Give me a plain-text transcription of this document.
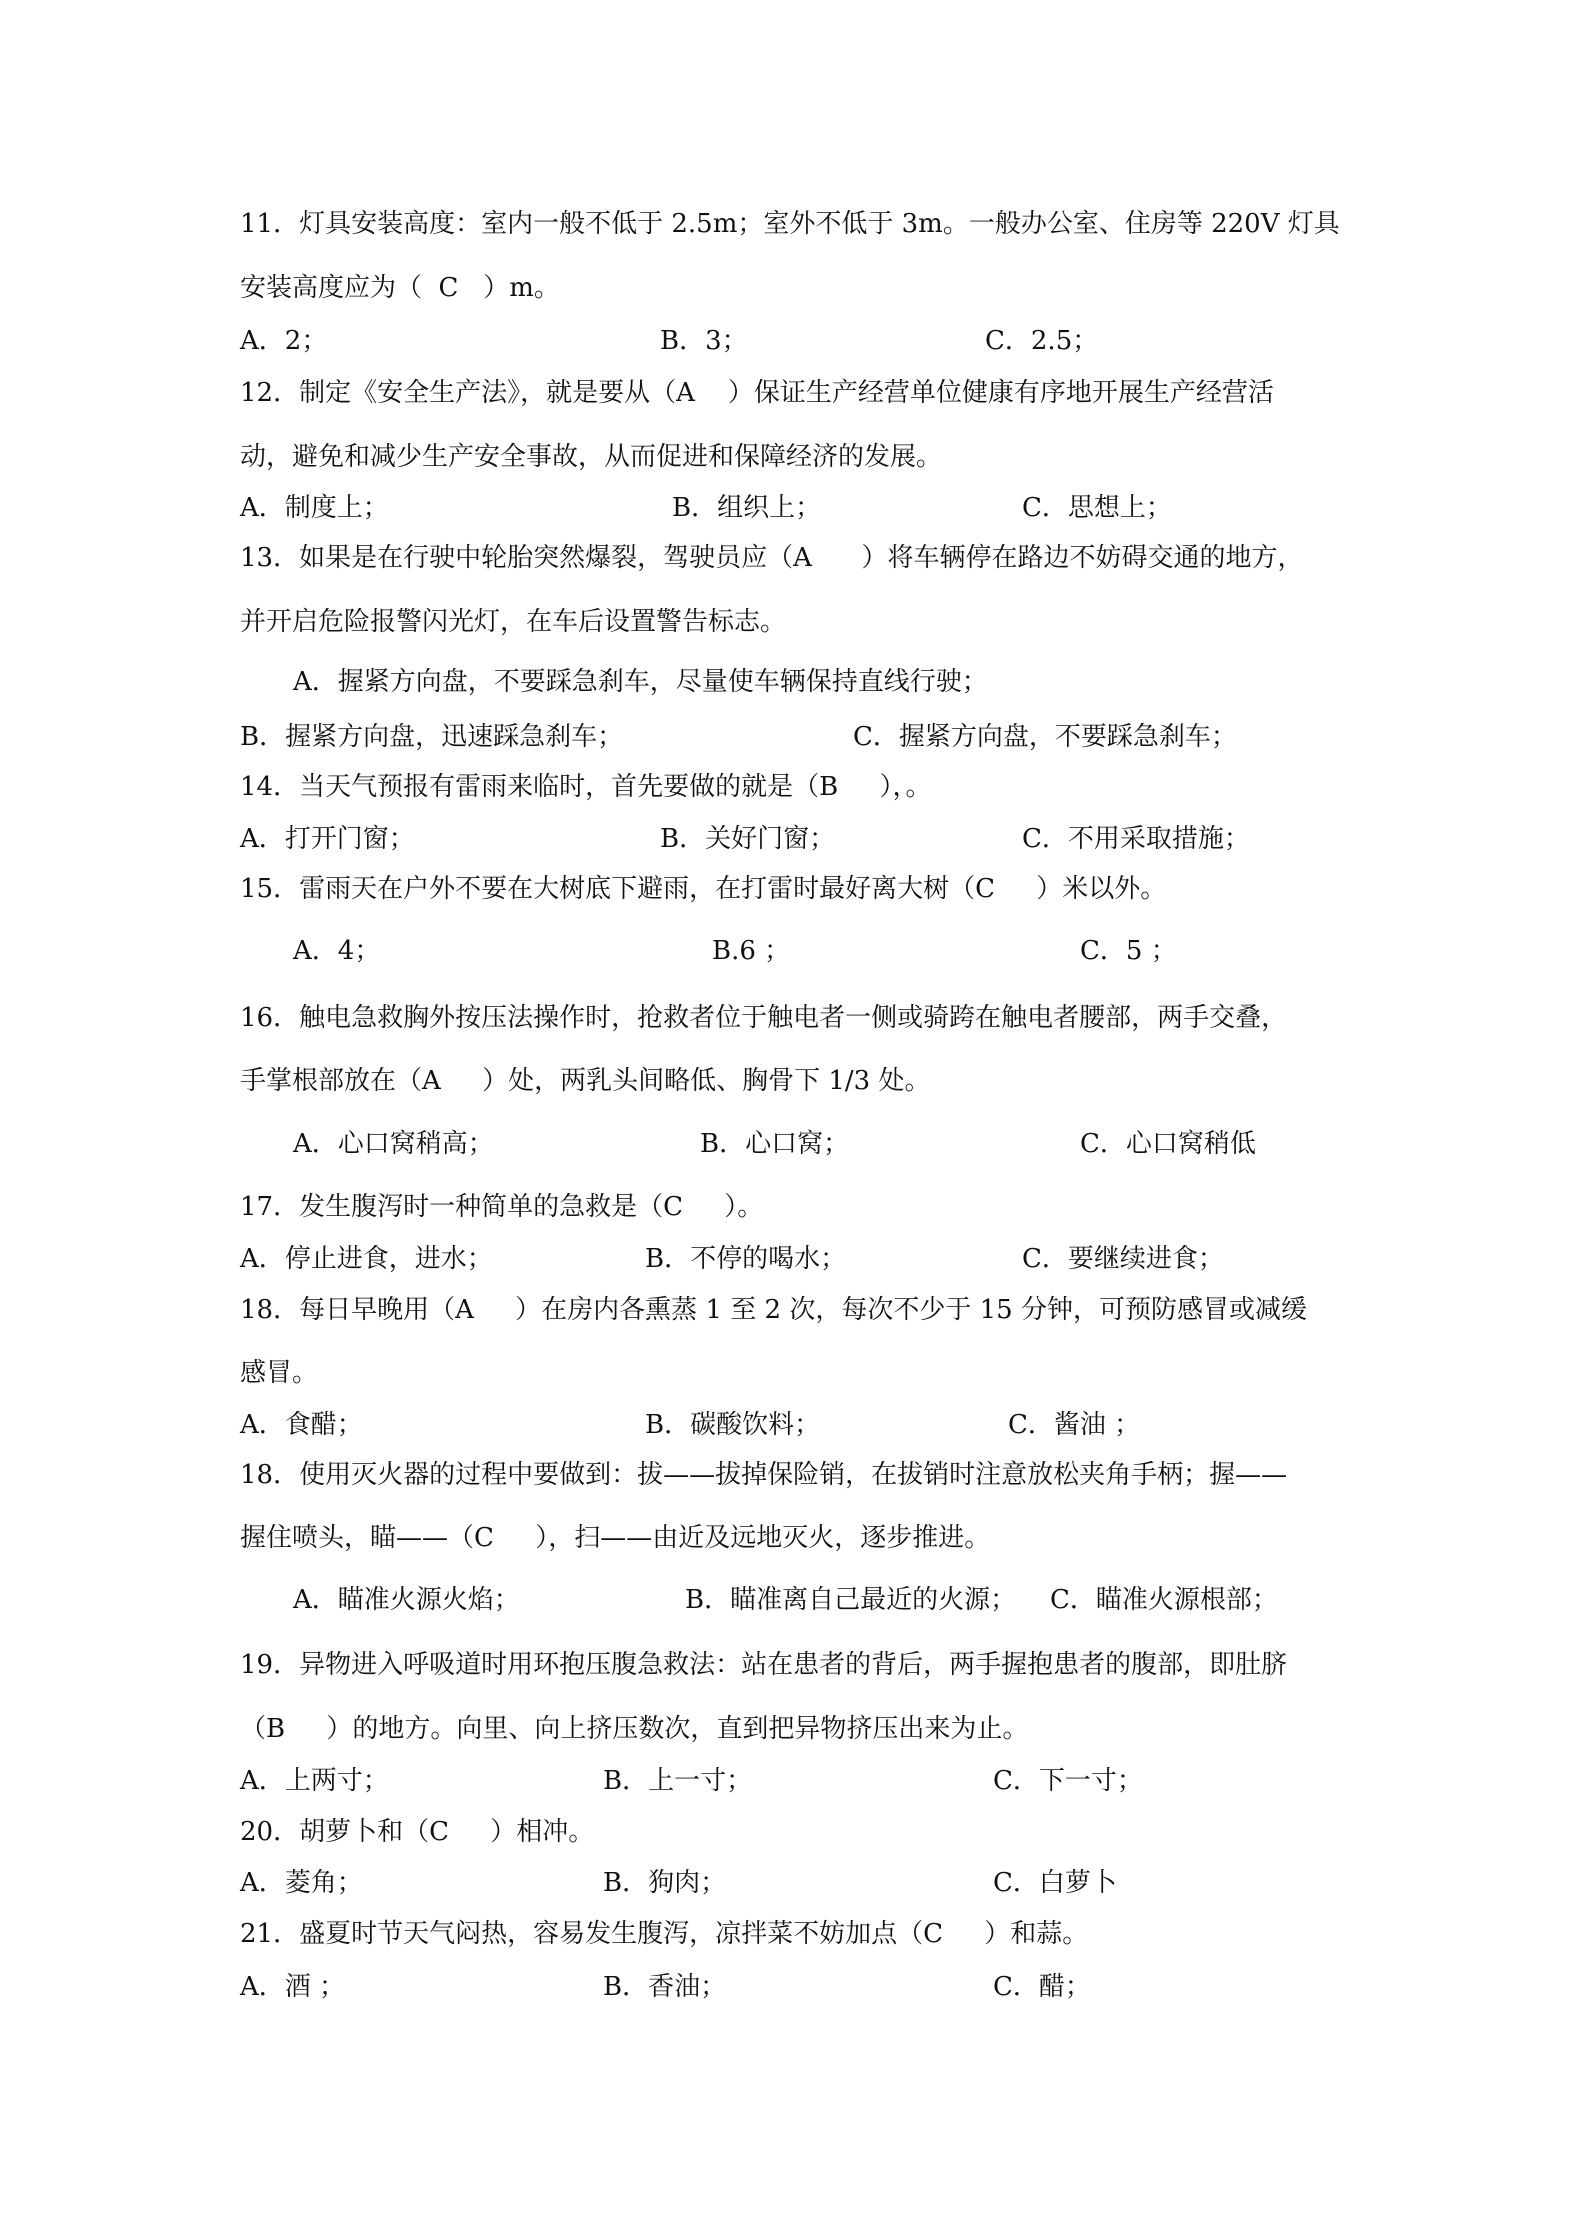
11．灯具安装高度：室内一般不低于 2.5m；室外不低于 3m。一般办公室、住房等 220V 灯具
安装高度应为（  C   ）m。
A．2；	B．3；	C．2.5；
12．制定《安全生产法》，就是要从（A    ）保证生产经营单位健康有序地开展生产经营活
动，避免和减少生产安全事故，从而促进和保障经济的发展。
A．制度上；	B．组织上；	C．思想上；
13．如果是在行驶中轮胎突然爆裂，驾驶员应（A      ）将车辆停在路边不妨碍交通的地方，
并开启危险报警闪光灯，在车后设置警告标志。
A．握紧方向盘，不要踩急刹车，尽量使车辆保持直线行驶；
B．握紧方向盘，迅速踩急刹车；	C．握紧方向盘，不要踩急刹车；
14．当天气预报有雷雨来临时，首先要做的就是（B     ），。
A．打开门窗；	B．关好门窗；	C．不用采取措施；
15．雷雨天在户外不要在大树底下避雨，在打雷时最好离大树（C     ）米以外。
A．4；	B.6 ；	C．5 ；
16．触电急救胸外按压法操作时，抢救者位于触电者一侧或骑跨在触电者腰部，两手交叠，
手掌根部放在（A     ）处，两乳头间略低、胸骨下 1/3 处。
A．心口窝稍高；	B．心口窝；	C．心口窝稍低
17．发生腹泻时一种简单的急救是（C     ）。
A．停止进食，进水；	B．不停的喝水；	C．要继续进食；
18．每日早晚用（A     ）在房内各熏蒸 1 至 2 次，每次不少于 15 分钟，可预防感冒或减缓
感冒。
A．食醋；	B．碳酸饮料；	C．酱油 ；
18．使用灭火器的过程中要做到：拔——拔掉保险销，在拔销时注意放松夹角手柄；握——
握住喷头，瞄——（C     ），扫——由近及远地灭火，逐步推进。
A．瞄准火源火焰；	B．瞄准离自己最近的火源； C．瞄准火源根部；
19．异物进入呼吸道时用环抱压腹急救法：站在患者的背后，两手握抱患者的腹部，即肚脐
（B     ）的地方。向里、向上挤压数次，直到把异物挤压出来为止。
A．上两寸；	B．上一寸；	C．下一寸；
20．胡萝卜和（C     ）相冲。
A．菱角；	B．狗肉；	C．白萝卜
21．盛夏时节天气闷热，容易发生腹泻，凉拌菜不妨加点（C     ）和蒜。
A．酒 ；	B．香油；	C．醋；
